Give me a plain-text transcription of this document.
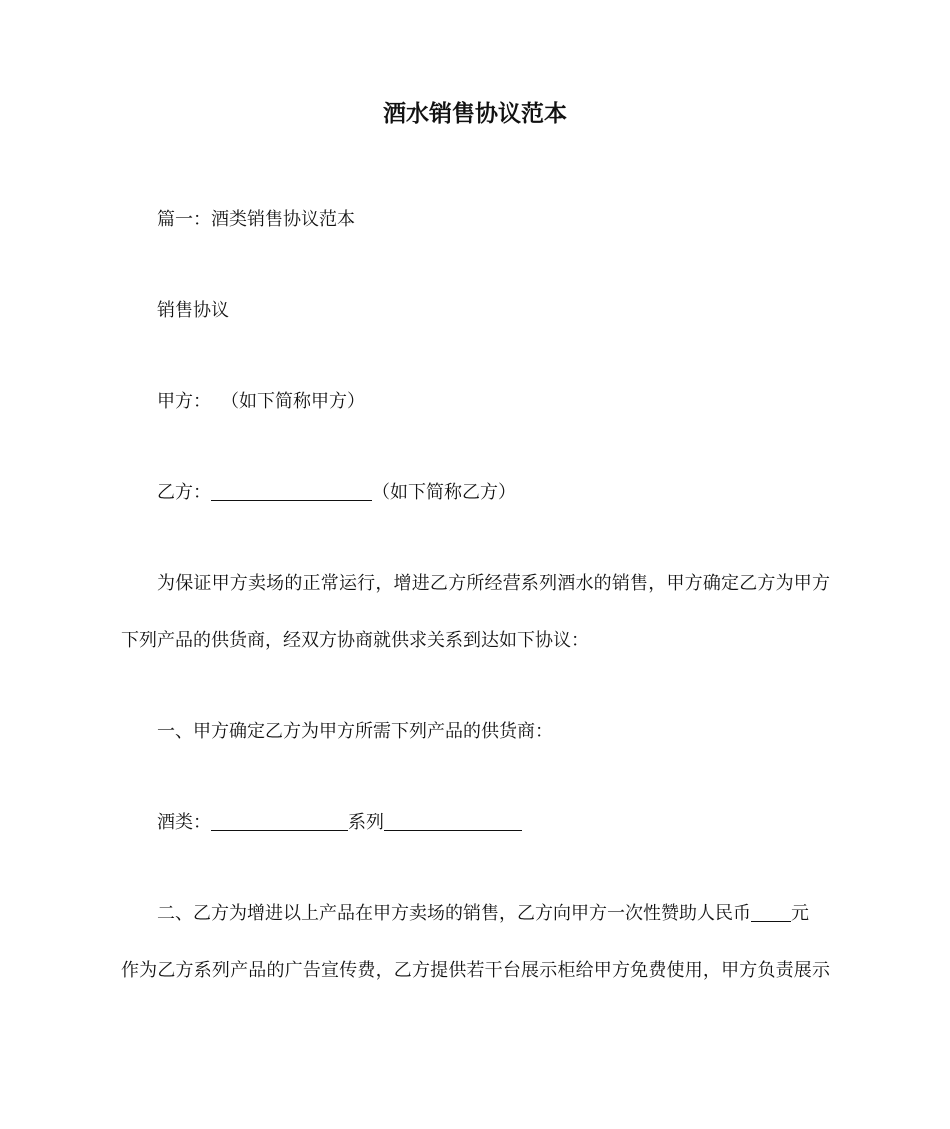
酒水销售协议范本
篇一：酒类销售协议范本
销售协议
甲方： （如下简称甲方）
乙方：	（如下简称乙方）
为保证甲方卖场的正常运行，增进乙方所经营系列酒水的销售，甲方确定乙方为甲方
下列产品的供货商，经双方协商就供求关系到达如下协议：
一、甲方确定乙方为甲方所需下列产品的供货商：
酒类：	系列
二、乙方为增进以上产品在甲方卖场的销售，乙方向甲方一次性赞助人民币 元
作为乙方系列产品的广告宣传费，乙方提供若干台展示柜给甲方免费使用，甲方负责展示
